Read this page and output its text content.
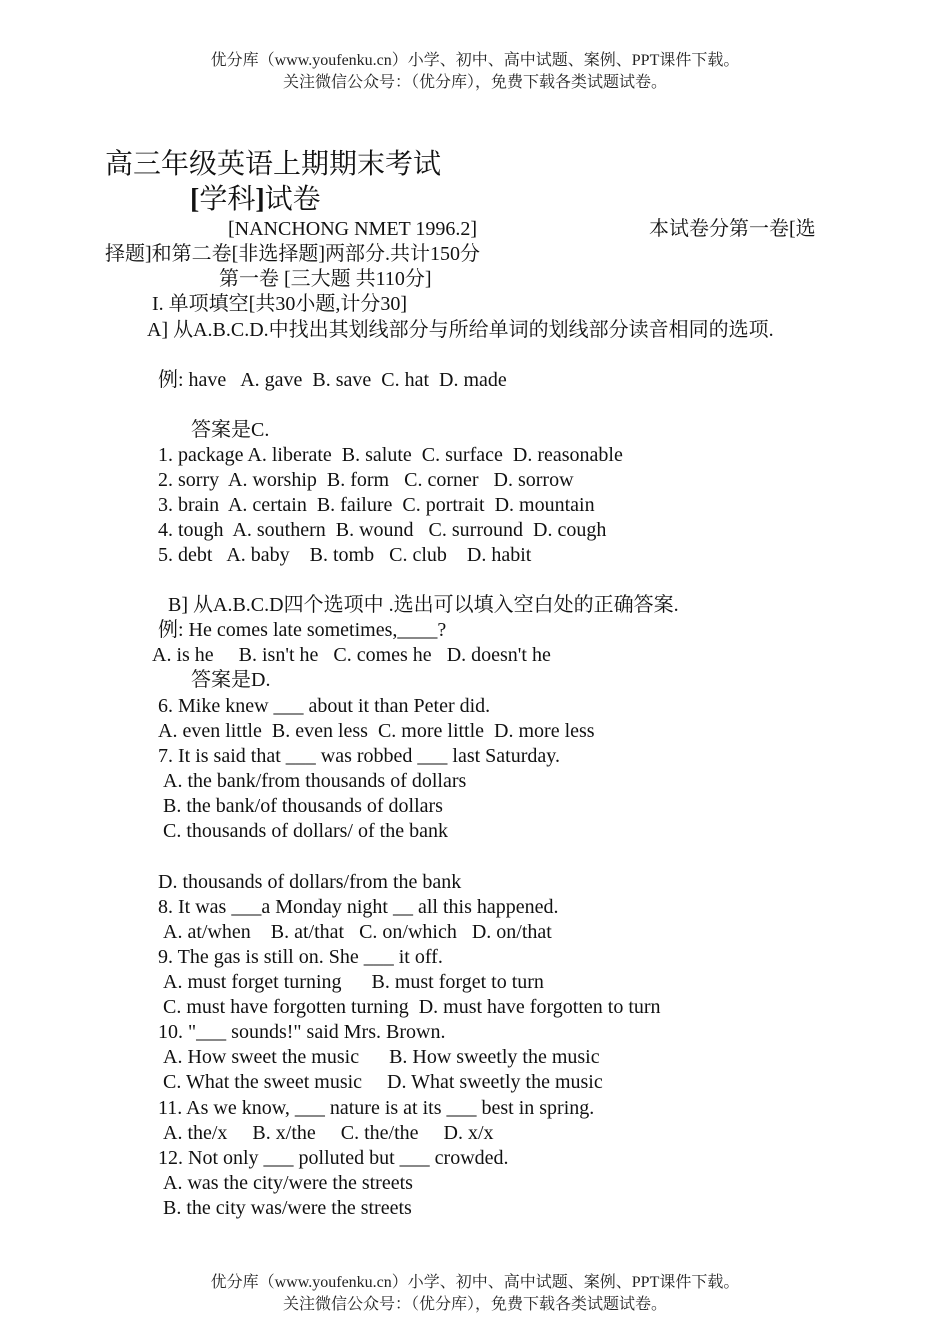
优分库（www.youfenku.cn）小学、初中、高中试题、案例、PPT课件下载。
关注微信公众号：（优分库），免费下载各类试题试卷。
高三年级英语上期期末考试
[学科]试卷
[NANCHONG NMET 1996.2]	本试卷分第一卷[选
择题]和第二卷[非选择题]两部分.共计150分
第一卷 [三大题 共110分]
I. 单项填空[共30小题,计分30]
A] 从A.B.C.D.中找出其划线部分与所给单词的划线部分读音相同的选项.
例: have   A. gave  B. save  C. hat  D. made
答案是C.
1. package A. liberate  B. salute  C. surface  D. reasonable
2. sorry  A. worship  B. form   C. corner   D. sorrow
3. brain  A. certain  B. failure  C. portrait  D. mountain
4. tough  A. southern  B. wound   C. surround  D. cough
5. debt   A. baby    B. tomb   C. club    D. habit
B] 从A.B.C.D四个选项中 .选出可以填入空白处的正确答案.
例: He comes late sometimes,____?
A. is he     B. isn't he   C. comes he   D. doesn't he
答案是D.
6. Mike knew ___ about it than Peter did.
A. even little  B. even less  C. more little  D. more less
7. It is said that ___ was robbed ___ last Saturday.
A. the bank/from thousands of dollars
B. the bank/of thousands of dollars
C. thousands of dollars/ of the bank
D. thousands of dollars/from the bank
8. It was ___a Monday night __ all this happened.
A. at/when    B. at/that   C. on/which   D. on/that
9. The gas is still on. She ___ it off.
A. must forget turning      B. must forget to turn
C. must have forgotten turning  D. must have forgotten to turn
10. "___ sounds!" said Mrs. Brown.
A. How sweet the music      B. How sweetly the music
C. What the sweet music     D. What sweetly the music
11. As we know, ___ nature is at its ___ best in spring.
A. the/x     B. x/the     C. the/the     D. x/x
12. Not only ___ polluted but ___ crowded.
A. was the city/were the streets
B. the city was/were the streets
优分库（www.youfenku.cn）小学、初中、高中试题、案例、PPT课件下载。
关注微信公众号：（优分库），免费下载各类试题试卷。
